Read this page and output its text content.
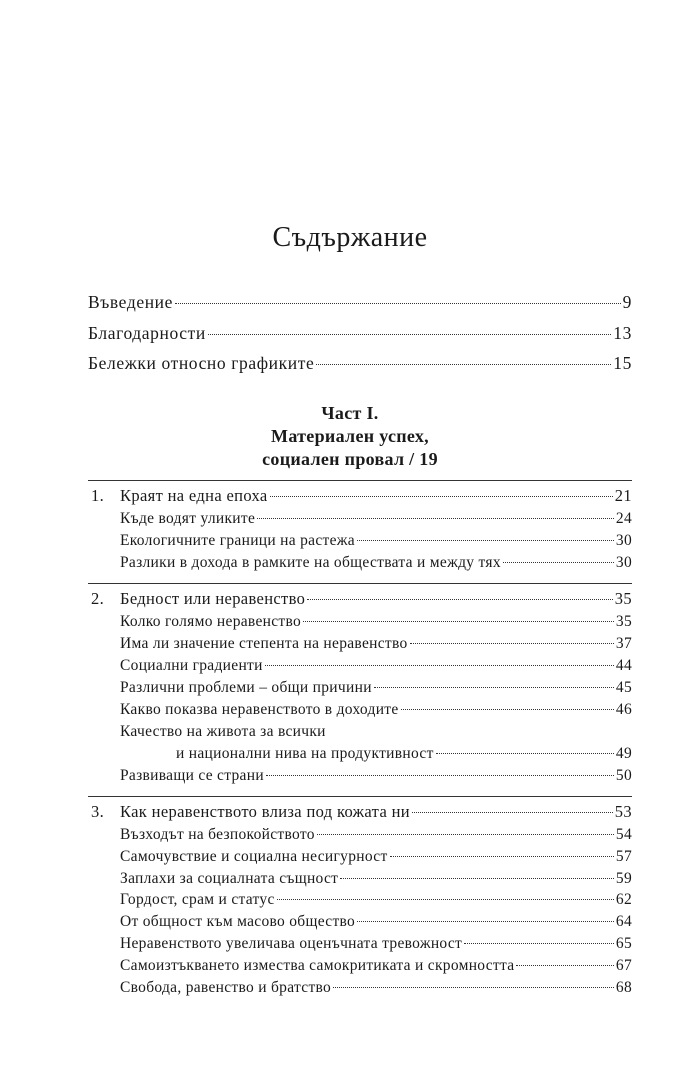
Съдържание
Въведение	9
Благодарности	13
Бележки относно графиките	15
Част I.
Материален успех,
социален провал / 19
1. Краят на една епоха	21
Къде водят уликите	24
Екологичните граници на растежа	30
Разлики в дохода в рамките на обществата и между тях	30
2. Бедност или неравенство	35
Колко голямо неравенство	35
Има ли значение степента на неравенство	37
Социални градиенти	44
Различни проблеми – общи причини	45
Какво показва неравенството в доходите	46
Качество на живота за всички
и национални нива на продуктивност	49
Развиващи се страни	50
3. Как неравенството влиза под кожата ни	53
Възходът на безпокойството	54
Самочувствие и социална несигурност	57
Заплахи за социалната същност	59
Гордост, срам и статус	62
От общност към масово общество	64
Неравенството увеличава оценъчната тревожност	65
Самоизтъкването измества самокритиката и скромността	67
Свобода, равенство и братство	68
